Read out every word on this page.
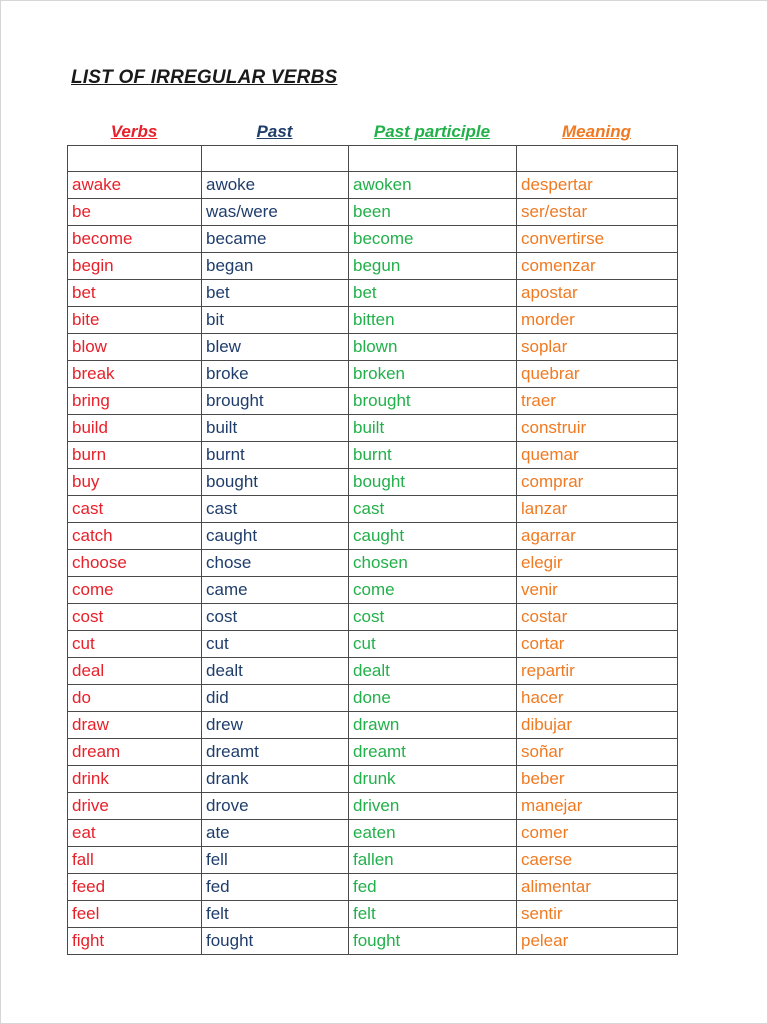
LIST OF IRREGULAR VERBS
Verbs	Past	Past participle	Meaning

awake	awoke	awoken	despertar
be	was/were	been	ser/estar
become	became	become	convertirse
begin	began	begun	comenzar
bet	bet	bet	apostar
bite	bit	bitten	morder
blow	blew	blown	soplar
break	broke	broken	quebrar
bring	brought	brought	traer
build	built	built	construir
burn	burnt	burnt	quemar
buy	bought	bought	comprar
cast	cast	cast	lanzar
catch	caught	caught	agarrar
choose	chose	chosen	elegir
come	came	come	venir
cost	cost	cost	costar
cut	cut	cut	cortar
deal	dealt	dealt	repartir
do	did	done	hacer
draw	drew	drawn	dibujar
dream	dreamt	dreamt	soñar
drink	drank	drunk	beber
drive	drove	driven	manejar
eat	ate	eaten	comer
fall	fell	fallen	caerse
feed	fed	fed	alimentar
feel	felt	felt	sentir
fight	fought	fought	pelear
